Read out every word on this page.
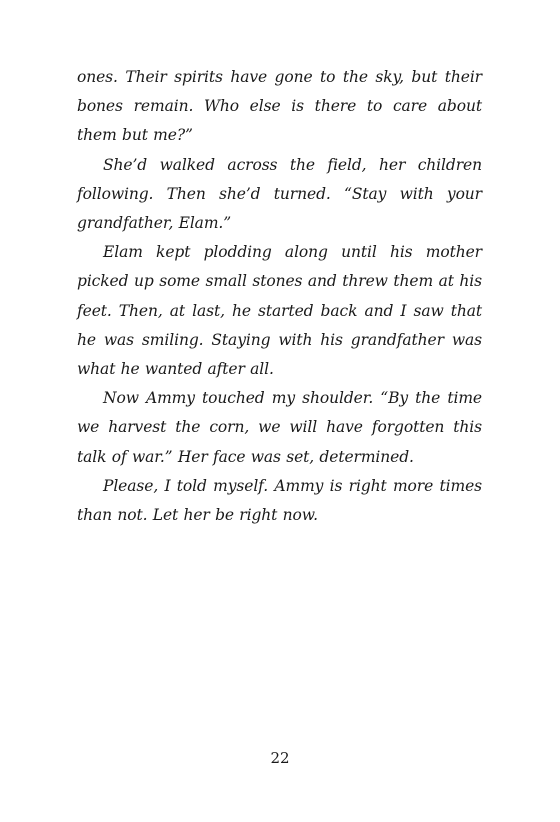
ones. Their spirits have gone to the sky, but their bones remain. Who else is there to care about them but me?”

She’d walked across the field, her children following. Then she’d turned. “Stay with your grandfather, Elam.”

Elam kept plodding along until his mother picked up some small stones and threw them at his feet. Then, at last, he started back and I saw that he was smiling. Staying with his grandfather was what he wanted after all.

Now Ammy touched my shoulder. “By the time we harvest the corn, we will have forgotten this talk of war.” Her face was set, determined.

Please, I told myself. Ammy is right more times than not. Let her be right now.

22
